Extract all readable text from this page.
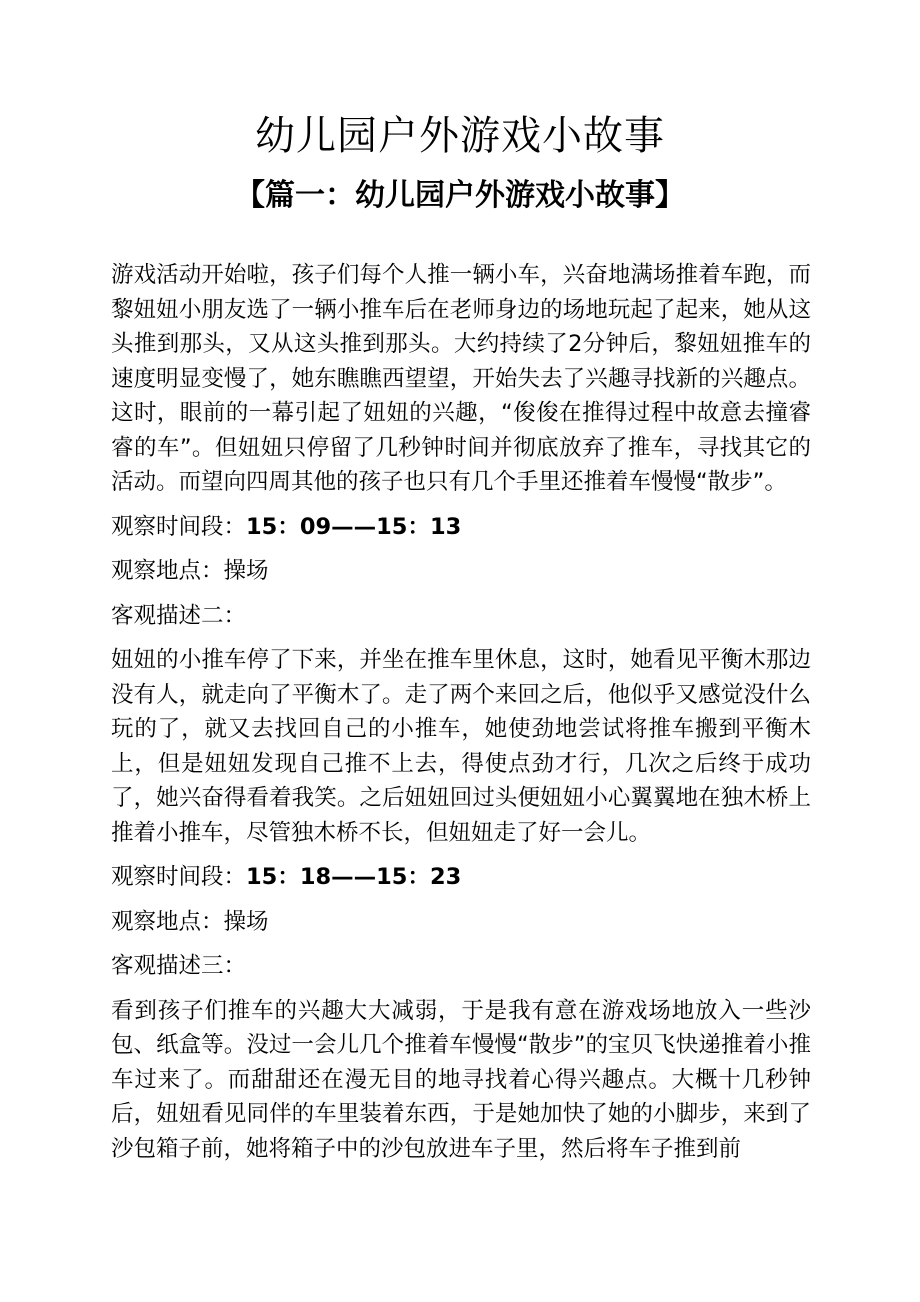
幼儿园户外游戏小故事
【篇一：幼儿园户外游戏小故事】

游戏活动开始啦，孩子们每个人推一辆小车，兴奋地满场推着车跑，而黎妞妞小朋友选了一辆小推车后在老师身边的场地玩起了起来，她从这头推到那头，又从这头推到那头。大约持续了2分钟后，黎妞妞推车的速度明显变慢了，她东瞧瞧西望望，开始失去了兴趣寻找新的兴趣点。这时，眼前的一幕引起了妞妞的兴趣，“俊俊在推得过程中故意去撞睿睿的车”。但妞妞只停留了几秒钟时间并彻底放弃了推车，寻找其它的活动。而望向四周其他的孩子也只有几个手里还推着车慢慢“散步”。

观察时间段：15：09——15：13

观察地点：操场

客观描述二：

妞妞的小推车停了下来，并坐在推车里休息，这时，她看见平衡木那边没有人，就走向了平衡木了。走了两个来回之后，他似乎又感觉没什么玩的了，就又去找回自己的小推车，她使劲地尝试将推车搬到平衡木上，但是妞妞发现自己推不上去，得使点劲才行，几次之后终于成功了，她兴奋得看着我笑。之后妞妞回过头便妞妞小心翼翼地在独木桥上推着小推车，尽管独木桥不长，但妞妞走了好一会儿。

观察时间段：15：18——15：23

观察地点：操场

客观描述三：

看到孩子们推车的兴趣大大减弱，于是我有意在游戏场地放入一些沙包、纸盒等。没过一会儿几个推着车慢慢“散步”的宝贝飞快递推着小推车过来了。而甜甜还在漫无目的地寻找着心得兴趣点。大概十几秒钟后，妞妞看见同伴的车里装着东西，于是她加快了她的小脚步，来到了沙包箱子前，她将箱子中的沙包放进车子里，然后将车子推到前
